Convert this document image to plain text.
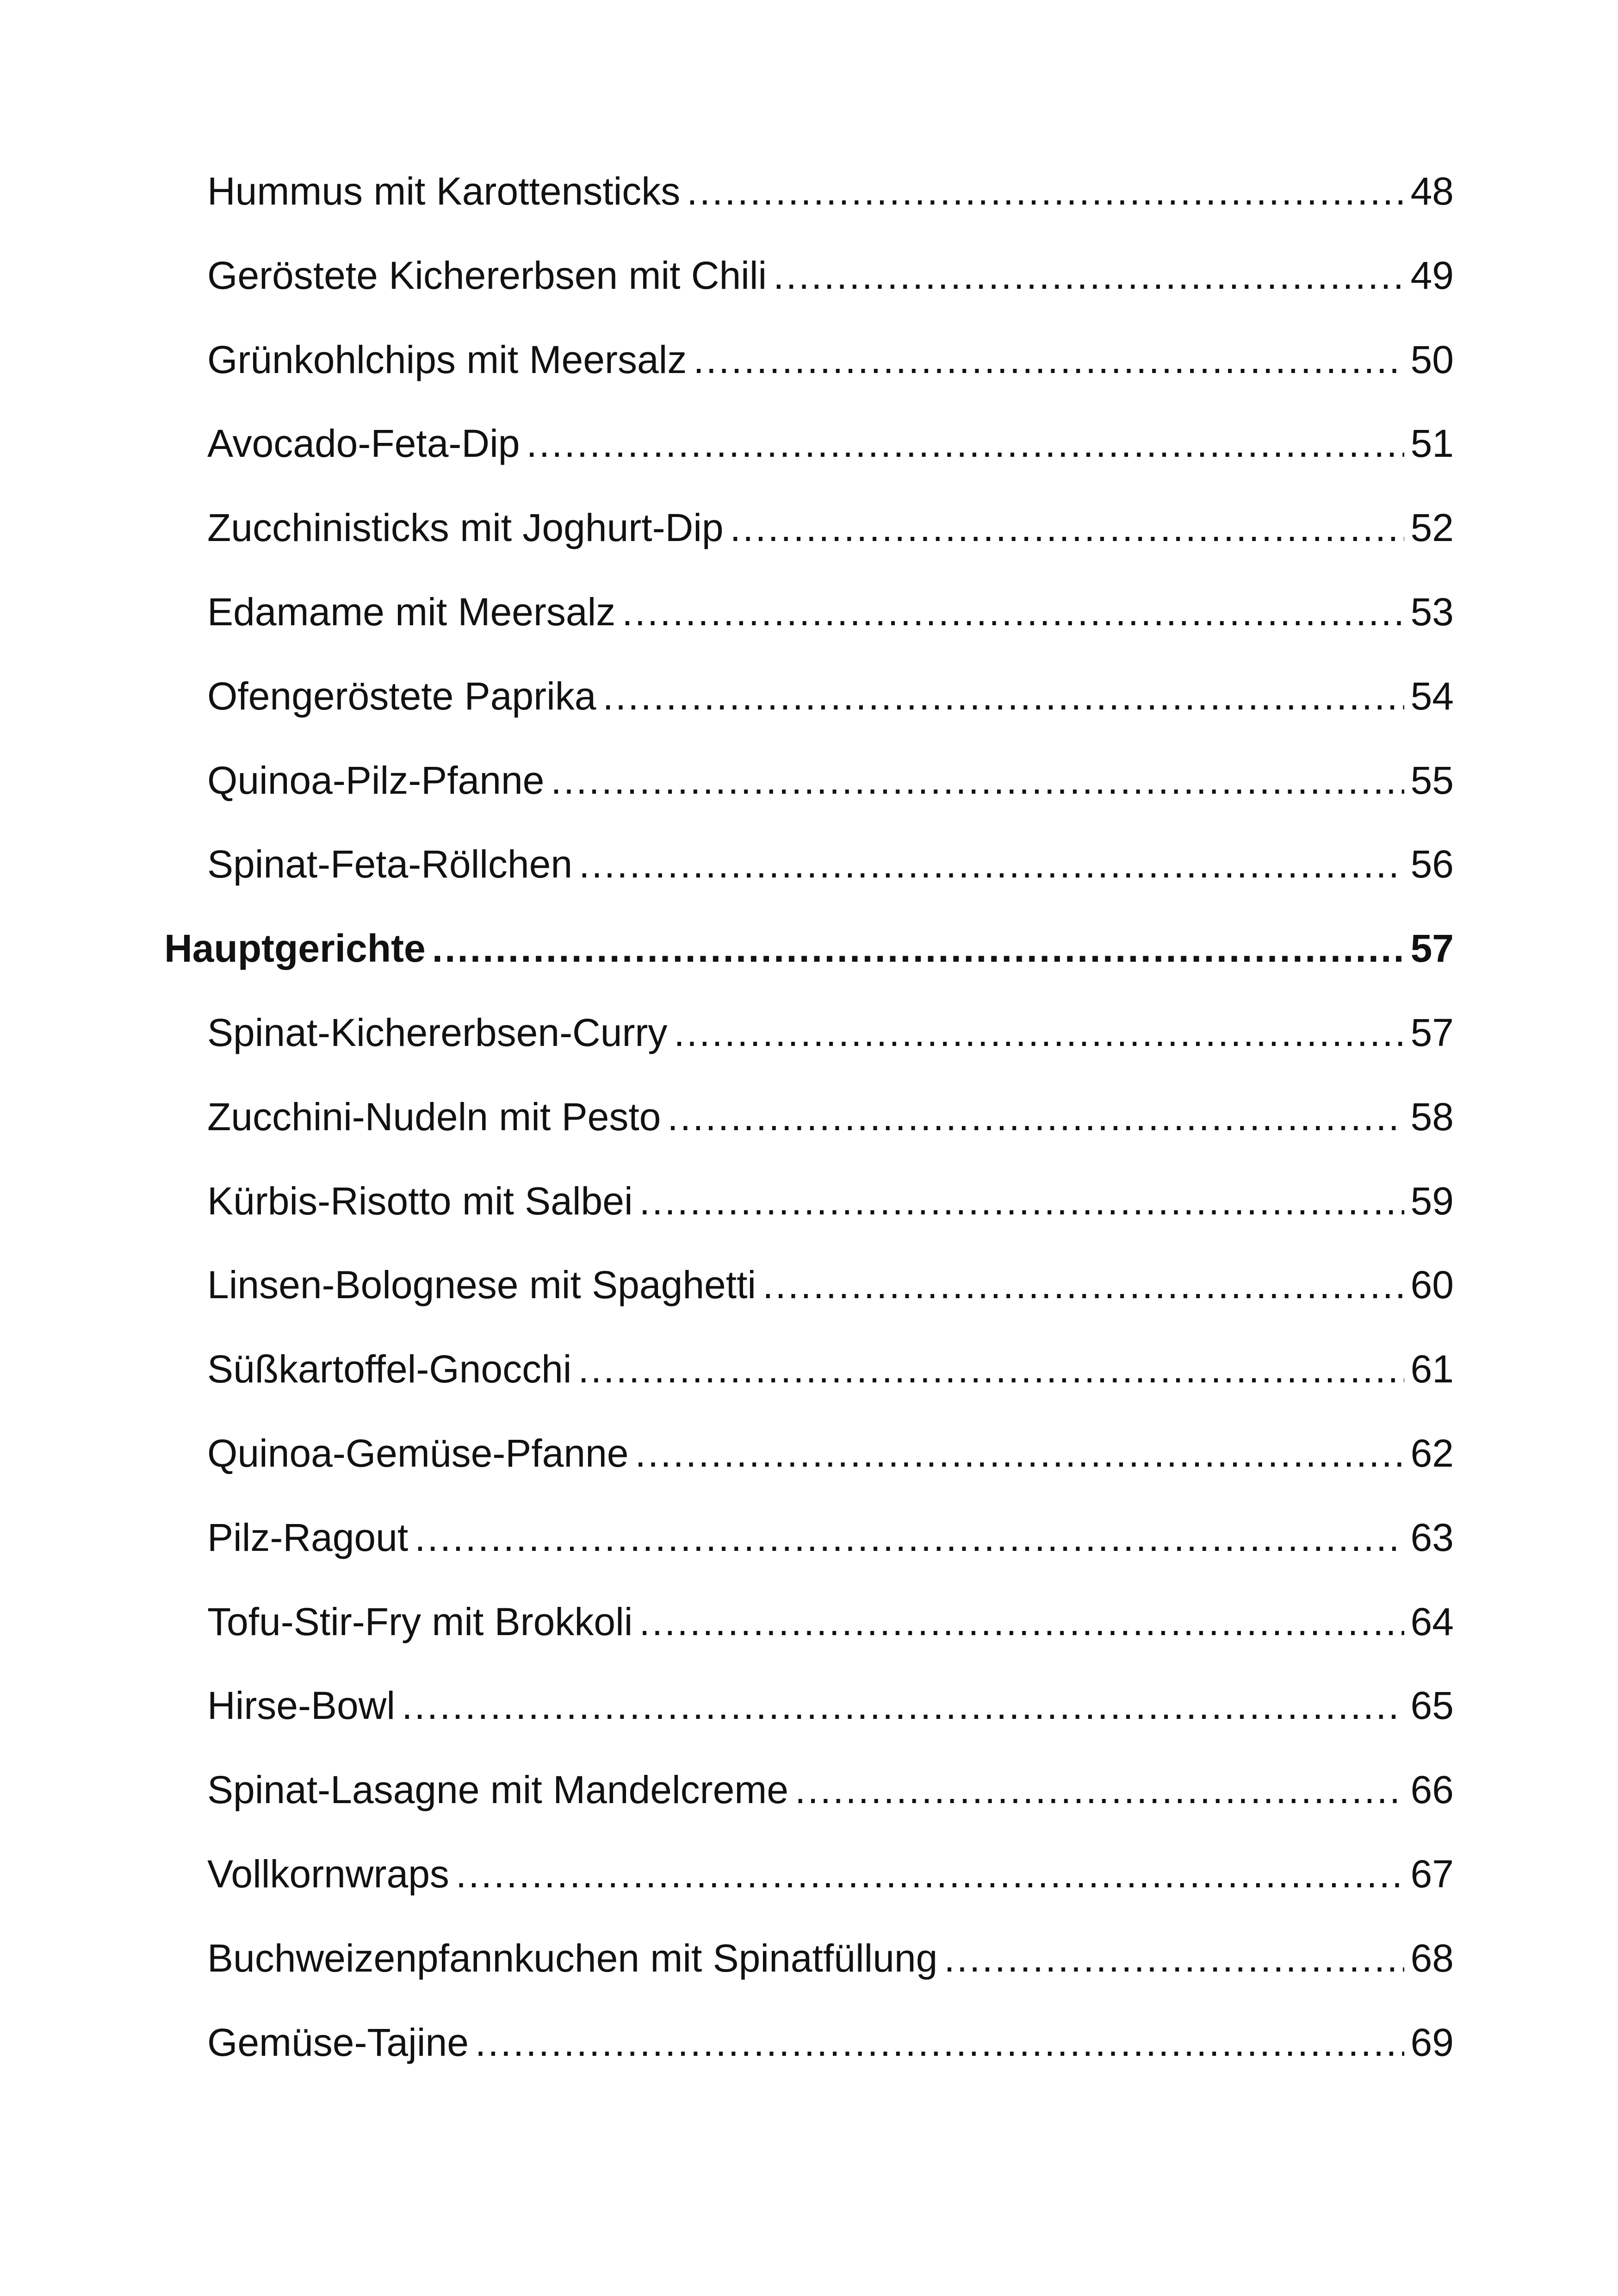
Hummus mit Karottensticks .....	48
Geröstete Kichererbsen mit Chili .....	49
Grünkohlchips mit Meersalz .....	50
Avocado-Feta-Dip .....	51
Zucchinisticks mit Joghurt-Dip .....	52
Edamame mit Meersalz .....	53
Ofengeröstete Paprika .....	54
Quinoa-Pilz-Pfanne .....	55
Spinat-Feta-Röllchen .....	56
Hauptgerichte .....	57
Spinat-Kichererbsen-Curry .....	57
Zucchini-Nudeln mit Pesto .....	58
Kürbis-Risotto mit Salbei .....	59
Linsen-Bolognese mit Spaghetti .....	60
Süßkartoffel-Gnocchi .....	61
Quinoa-Gemüse-Pfanne .....	62
Pilz-Ragout .....	63
Tofu-Stir-Fry mit Brokkoli .....	64
Hirse-Bowl .....	65
Spinat-Lasagne mit Mandelcreme .....	66
Vollkornwraps .....	67
Buchweizenpfannkuchen mit Spinatfüllung .....	68
Gemüse-Tajine .....	69
